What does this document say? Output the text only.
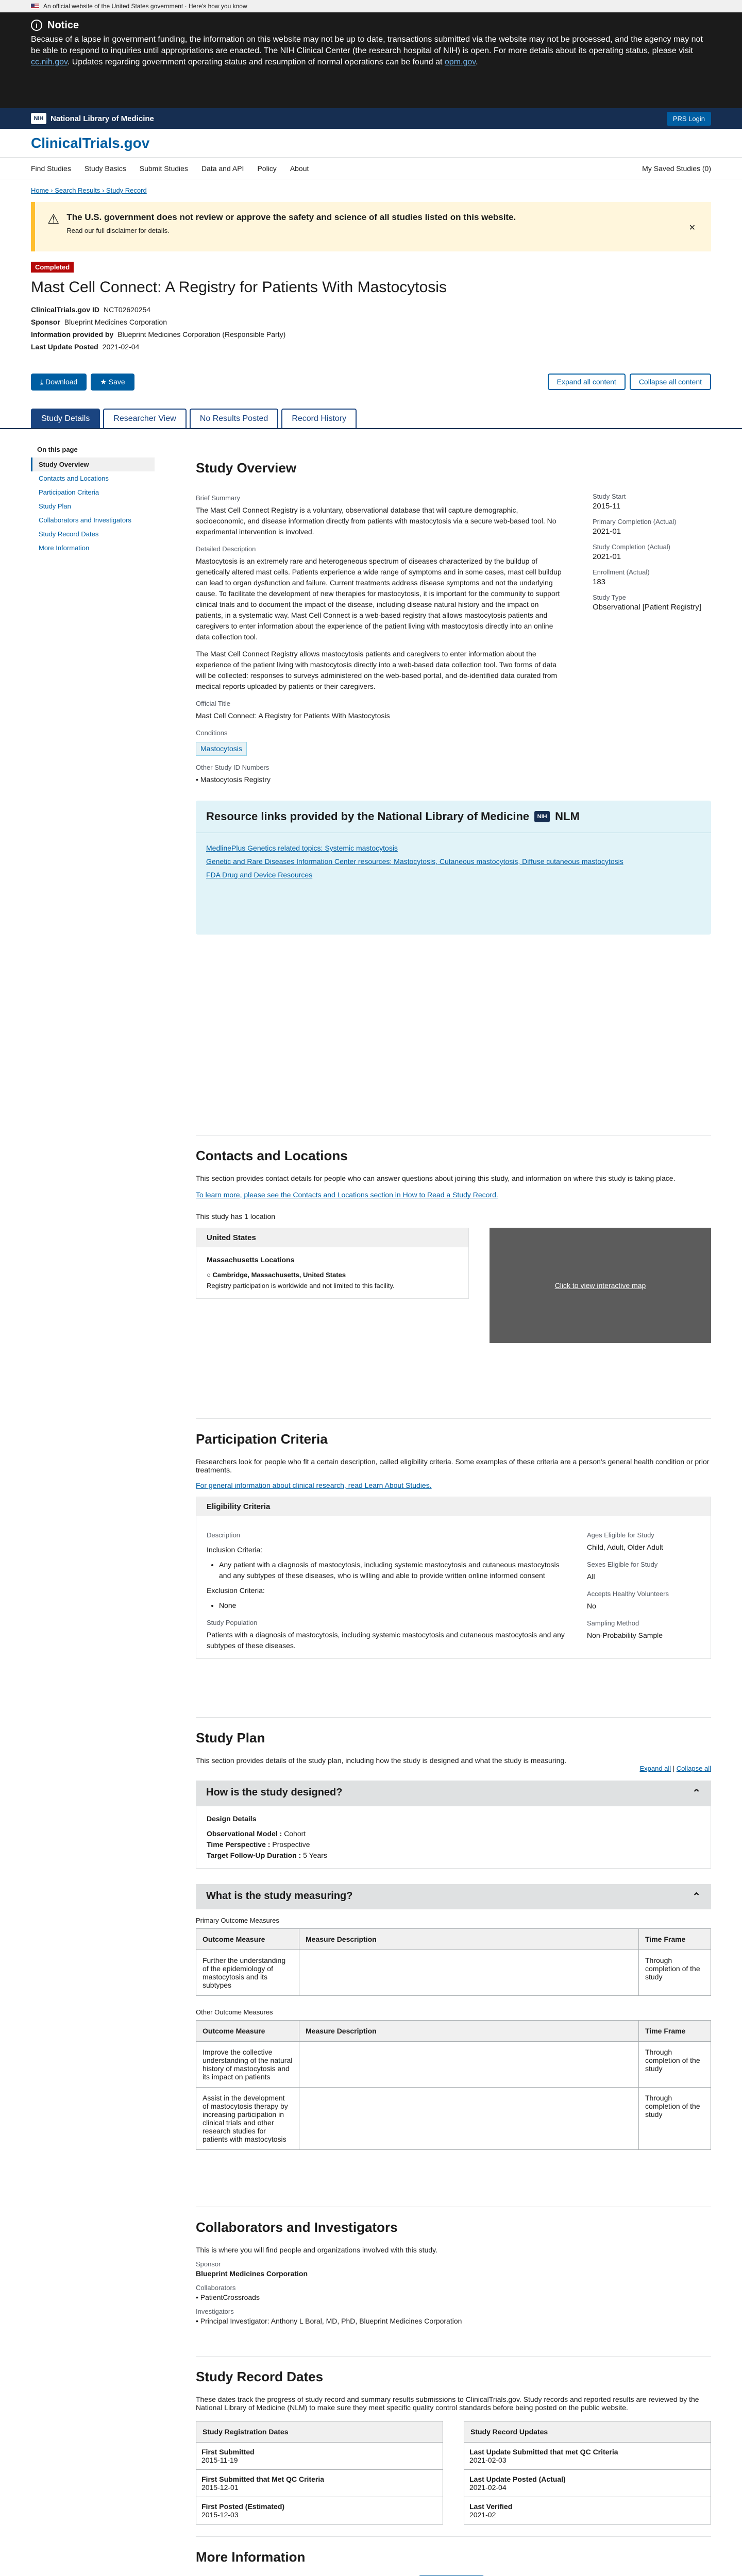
An official website of the United States government · Here's how you know
i Notice

Because of a lapse in government funding, the information on this website may not be up to date, transactions submitted via the website may not be processed, and the agency may not be able to respond to inquiries until appropriations are enacted. The NIH Clinical Center (the research hospital of NIH) is open. For more details about its operating status, please visit cc.nih.gov. Updates regarding government operating status and resumption of normal operations can be found at opm.gov.

NIH National Library of Medicine	PRS Login
ClinicalTrials.gov
Find Studies Study Basics Submit Studies Data and API Policy About	My Saved Studies (0)
Home › Search Results › Study Record
⚠ The U.S. government does not review or approve the safety and science of all studies listed on this website.

Read our full disclaimer for details.	✕
Completed
Mast Cell Connect: A Registry for Patients With Mastocytosis
ClinicalTrials.gov ID NCT02620254
Sponsor Blueprint Medicines Corporation
Information provided by Blueprint Medicines Corporation (Responsible Party)
Last Update Posted 2021-02-04
⤓ Download	★ Save	Expand all content	Collapse all content
Study Details	Researcher View	No Results Posted	Record History
On this page
Study Overview
Contacts and Locations
Participation Criteria
Study Plan
Collaborators and Investigators
Study Record Dates
More Information
Study Overview
Brief Summary

The Mast Cell Connect Registry is a voluntary, observational database that will capture demographic, socioeconomic, and disease information directly from patients with mastocytosis via a secure web-based tool. No experimental intervention is involved.

Detailed Description

Mastocytosis is an extremely rare and heterogeneous spectrum of diseases characterized by the buildup of genetically altered mast cells. Patients experience a wide range of symptoms and in some cases, mast cell buildup can lead to organ dysfunction and failure. Current treatments address disease symptoms and not the underlying cause. To facilitate the development of new therapies for mastocytosis, it is important for the community to support clinical trials and to document the impact of the disease, including disease natural history and the impact on patients, in a systematic way. Mast Cell Connect is a web-based registry that allows mastocytosis patients and caregivers to enter information about the experience of the patient living with mastocytosis directly into an online data collection tool.

The Mast Cell Connect Registry allows mastocytosis patients and caregivers to enter information about the experience of the patient living with mastocytosis directly into a web-based data collection tool. Two forms of data will be collected: responses to surveys administered on the web-based portal, and de-identified data curated from medical reports uploaded by patients or their caregivers.

Official Title

Mast Cell Connect: A Registry for Patients With Mastocytosis

Conditions
Mastocytosis
Other Study ID Numbers

• Mastocytosis Registry

Study Start
2015-11
Primary Completion (Actual)
2021-01
Study Completion (Actual)
2021-01
Enrollment (Actual)
183
Study Type
Observational [Patient Registry]
Resource links provided by the National Library of Medicine	NIH NLM

MedlinePlus Genetics related topics: Systemic mastocytosis

Genetic and Rare Diseases Information Center resources: Mastocytosis, Cutaneous mastocytosis, Diffuse cutaneous mastocytosis

FDA Drug and Device Resources

Contacts and Locations

This section provides contact details for people who can answer questions about joining this study, and information on where this study is taking place.

To learn more, please see the Contacts and Locations section in How to Read a Study Record.

This study has 1 location

United States
Massachusetts Locations

○ Cambridge, Massachusetts, United States

Registry participation is worldwide and not limited to this facility.	Click to view interactive map
Participation Criteria

Researchers look for people who fit a certain description, called eligibility criteria. Some examples of these criteria are a person's general health condition or prior treatments.

For general information about clinical research, read Learn About Studies.

Eligibility Criteria
Description

Inclusion Criteria:

• Any patient with a diagnosis of mastocytosis, including systemic mastocytosis and cutaneous mastocytosis and any subtypes of these diseases, who is willing and able to provide written online informed consent

Exclusion Criteria:

• None
Study Population

Patients with a diagnosis of mastocytosis, including systemic mastocytosis and cutaneous mastocytosis and any subtypes of these diseases.

Ages Eligible for Study

Child, Adult, Older Adult

Sexes Eligible for Study

All

Accepts Healthy Volunteers

No

Sampling Method

Non-Probability Sample

Study Plan

This section provides details of the study plan, including how the study is designed and what the study is measuring.

Expand all | Collapse all
How is the study designed?	⌃
Design Details

Observational Model : Cohort

Time Perspective : Prospective

Target Follow-Up Duration : 5 Years

What is the study measuring?	⌃

Primary Outcome Measures

Outcome Measure	Measure Description	Time Frame
Further the understanding of the epidemiology of mastocytosis and its subtypes		Through completion of the study

Other Outcome Measures

Outcome Measure	Measure Description	Time Frame
Improve the collective understanding of the natural history of mastocytosis and its impact on patients		Through completion of the study
Assist in the development of mastocytosis therapy by increasing participation in clinical trials and other research studies for patients with mastocytosis		Through completion of the study
Collaborators and Investigators

This is where you will find people and organizations involved with this study.

Sponsor
Blueprint Medicines Corporation
Collaborators

• PatientCrossroads

Investigators

• Principal Investigator: Anthony L Boral, MD, PhD, Blueprint Medicines Corporation

Study Record Dates

These dates track the progress of study record and summary results submissions to ClinicalTrials.gov. Study records and reported results are reviewed by the National Library of Medicine (NLM) to make sure they meet specific quality control standards before being posted on the public website.

Study Registration Dates
First Submitted
2015-11-19
First Submitted that Met QC Criteria
2015-12-01
First Posted (Estimated)
2015-12-03
Study Record Updates
Last Update Submitted that met QC Criteria
2021-02-03
Last Update Posted (Actual)
2021-02-04
Last Verified
2021-02
More Information
